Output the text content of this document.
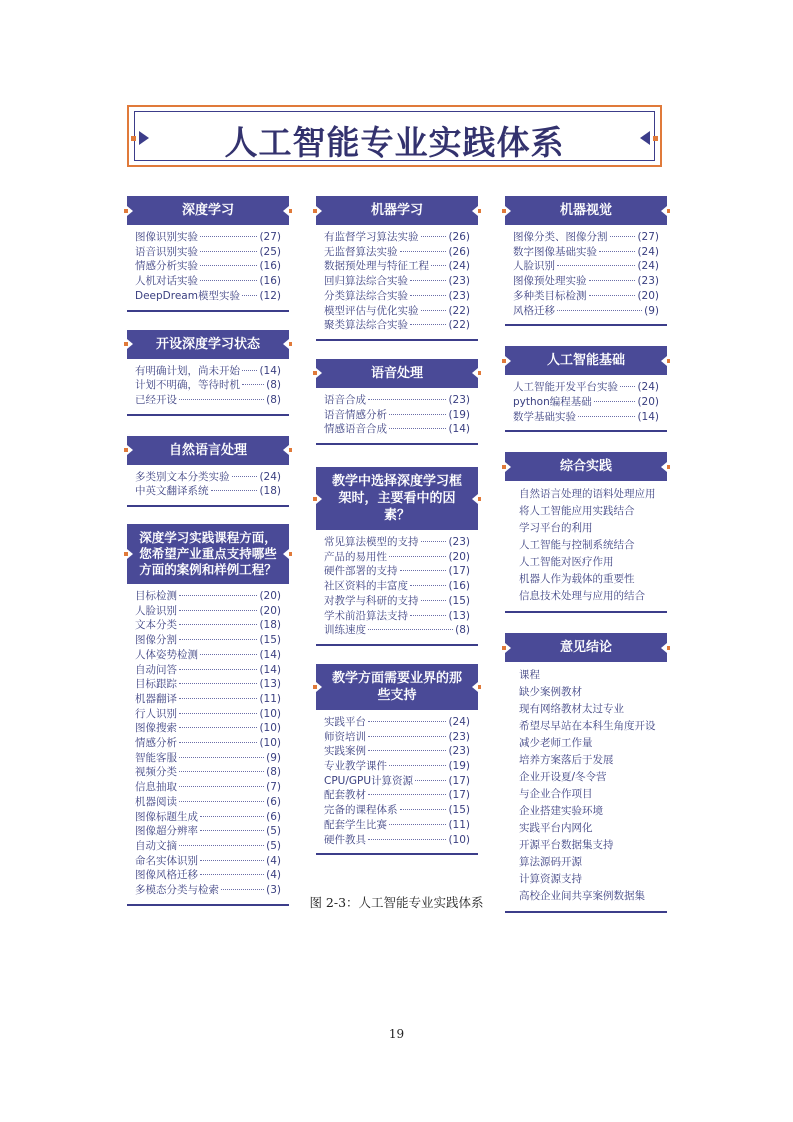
人工智能专业实践体系
深度学习
图像识别实验	(27)
语音识别实验	(25)
情感分析实验	(16)
人机对话实验	(16)
DeepDream模型实验 (12)
开设深度学习状态
有明确计划，尚未开始 (14)
计划不明确，等待时机 (8)
已经开设	(8)
自然语言处理
多类别文本分类实验	(24)
中英文翻译系统	(18)
深度学习实践课程方面，您希望产业重点支持哪些方面的案例和样例工程？
目标检测	(20)
人脸识别	(20)
文本分类	(18)
图像分割	(15)
人体姿势检测	(14)
自动问答	(14)
目标跟踪	(13)
机器翻译	(11)
行人识别	(10)
图像搜索	(10)
情感分析	(10)
智能客服	(9)
视频分类	(8)
信息抽取	(7)
机器阅读	(6)
图像标题生成	(6)
图像超分辨率	(5)
自动文摘	(5)
命名实体识别	(4)
图像风格迁移	(4)
多模态分类与检索	(3)
机器学习
有监督学习算法实验	(26)
无监督算法实验	(26)
数据预处理与特征工程 (24)
回归算法综合实验	(23)
分类算法综合实验	(23)
模型评估与优化实验	(22)
聚类算法综合实验	(22)
语音处理
语音合成	(23)
语音情感分析	(19)
情感语音合成	(14)
教学中选择深度学习框架时，主要看中的因素？
常见算法模型的支持	(23)
产品的易用性	(20)
硬件部署的支持	(17)
社区资料的丰富度	(16)
对教学与科研的支持	(15)
学术前沿算法支持	(13)
训练速度	(8)
教学方面需要业界的那些支持
实践平台	(24)
师资培训	(23)
实践案例	(23)
专业教学课件	(19)
CPU/GPU计算资源	(17)
配套教材	(17)
完备的课程体系	(15)
配套学生比赛	(11)
硬件教具	(10)
机器视觉
图像分类、图像分割	(27)
数字图像基础实验	(24)
人脸识别	(24)
图像预处理实验	(23)
多种类目标检测	(20)
风格迁移	(9)
人工智能基础
人工智能开发平台实验 (24)
python编程基础	(20)
数学基础实验	(14)
综合实践
自然语言处理的语料处理应用
将人工智能应用实践结合
学习平台的利用
人工智能与控制系统结合
人工智能对医疗作用
机器人作为载体的重要性
信息技术处理与应用的结合
意见结论
课程
缺少案例教材
现有网络教材太过专业
希望尽早站在本科生角度开设
减少老师工作量
培养方案落后于发展
企业开设夏/冬令营
与企业合作项目
企业搭建实验环境
实践平台内网化
开源平台数据集支持
算法源码开源
计算资源支持
高校企业间共享案例数据集
图 2-3：人工智能专业实践体系
19
